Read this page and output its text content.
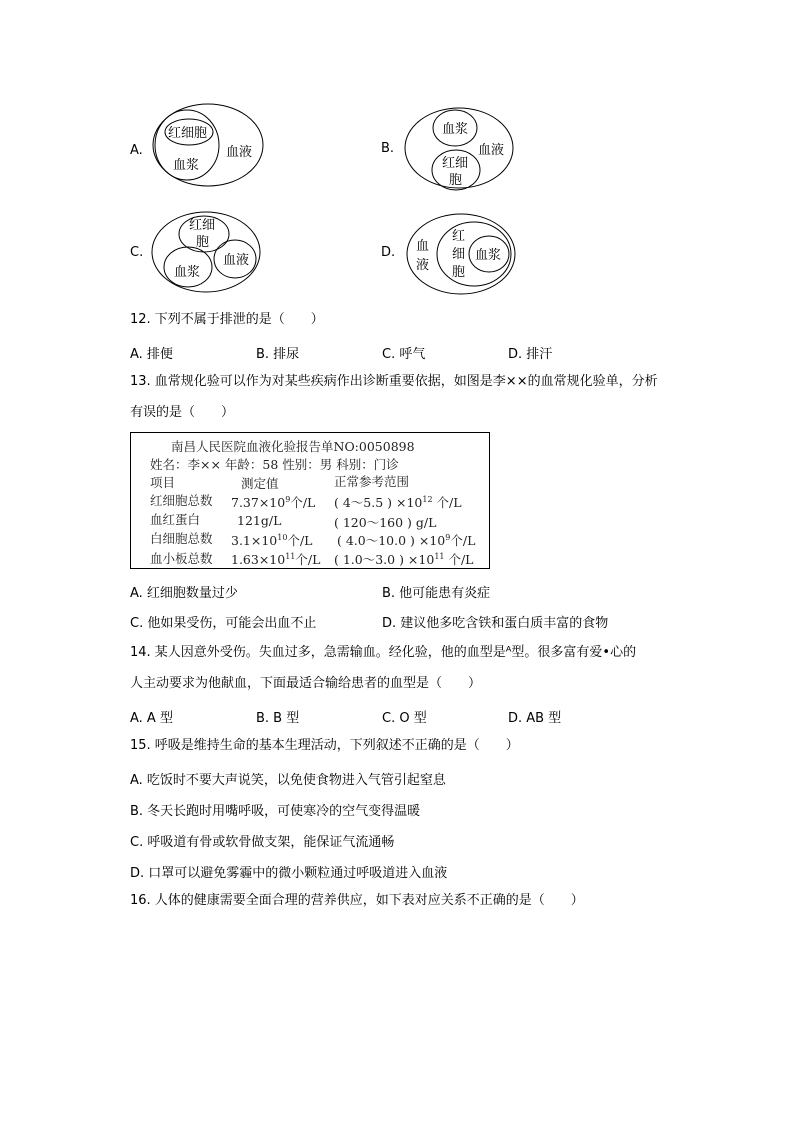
A.
红细胞
血浆
血液	B.
血浆
红细
胞
血液
C.
红细
胞
血液
血浆
D. 血
液
红
细
胞
血浆
12. 下列不属于排泄的是（　　）
A. 排便	B. 排尿	C. 呼气	D. 排汗
13. 血常规化验可以作为对某些疾病作出诊断重要依据，如图是李××的血常规化验单，分析
有误的是（　　）
南昌人民医院血液化验报告单NO:0050898
姓名：李×× 年龄：58 性别：男 科别：门诊
项目	测定值	正常参考范围
红细胞总数 $7.37\times 10^9$个/L ( 4～5.5 ) $\times 10^{12}$ 个/L
血红蛋白	121g/L	( 120～160 ) g/L
白细胞总数 $3.1\times 10^{10}$个/L ( 4.0～10.0 ) $\times 10^9$个/L
血小板总数 $1.63\times 10^{11}$个/L ( 1.0～3.0 ) $\times 10^{11}$ 个/L
A. 红细胞数量过少	B. 他可能患有炎症
C. 他如果受伤，可能会出血不止	D. 建议他多吃含铁和蛋白质丰富的食物
14. 某人因意外受伤。失血过多，急需输血。经化验，他的血型是ᴬ型。很多富有爱•心的
人主动要求为他献血，下面最适合输给患者的血型是（　　）
A. A 型	B. B 型	C. O 型	D. AB 型
15. 呼吸是维持生命的基本生理活动，下列叙述不正确的是（　　）
A. 吃饭时不要大声说笑，以免使食物进入气管引起窒息
B. 冬天长跑时用嘴呼吸，可使寒冷的空气变得温暖
C. 呼吸道有骨或软骨做支架，能保证气流通畅
D. 口罩可以避免雾霾中的微小颗粒通过呼吸道进入血液
16. 人体的健康需要全面合理的营养供应，如下表对应关系不正确的是（　　）
